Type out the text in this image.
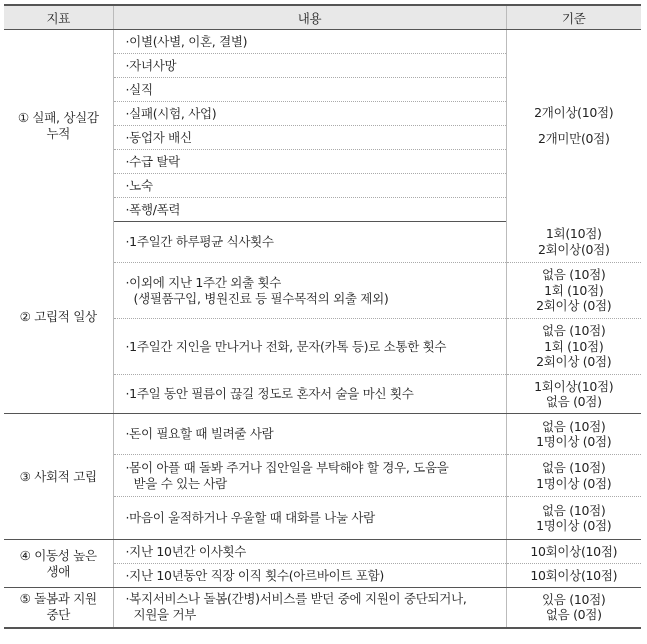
지표	내용	기준

① 실패, 상실감
누적	·이별(사별, 이혼, 결별)	2개이상(10점)
2개미만(0점)

	·자녀사망	
	·실직	
	·실패(시험, 사업)	
	·동업자 배신	
	·수급 탈락	
	·노숙	
	·폭행/폭력	

② 고립적 일상	·1주일간 하루평균 식사횟수	1회(10점)
2회이상(0점)

	·이외에 지난 1주간 외출 횟수
(생필품구입, 병원진료 등 필수목적의 외출 제외)	없음 (10점)
1회 (10점)
2회이상 (0점)

	·1주일간 지인을 만나거나 전화, 문자(카톡 등)로 소통한 횟수	없음 (10점)
1회 (10점)
2회이상 (0점)

	·1주일 동안 필름이 끊길 정도로 혼자서 술을 마신 횟수	1회이상(10점)
없음 (0점)

③ 사회적 고립	·돈이 필요할 때 빌려줄 사람	없음 (10점)
1명이상 (0점)

	·몸이 아플 때 돌봐 주거나 집안일을 부탁해야 할 경우, 도움을
받을 수 있는 사람	없음 (10점)
1명이상 (0점)

	·마음이 울적하거나 우울할 때 대화를 나눌 사람	없음 (10점)
1명이상 (0점)

④ 이동성 높은
생애	·지난 10년간 이사횟수	10회이상(10점)
	·지난 10년동안 직장 이직 횟수(아르바이트 포함)	10회이상(10점)

⑤ 돌봄과 지원
중단	·복지서비스나 돌봄(간병)서비스를 받던 중에 지원이 중단되거나,
지원을 거부	있음 (10점)
없음 (0점)
